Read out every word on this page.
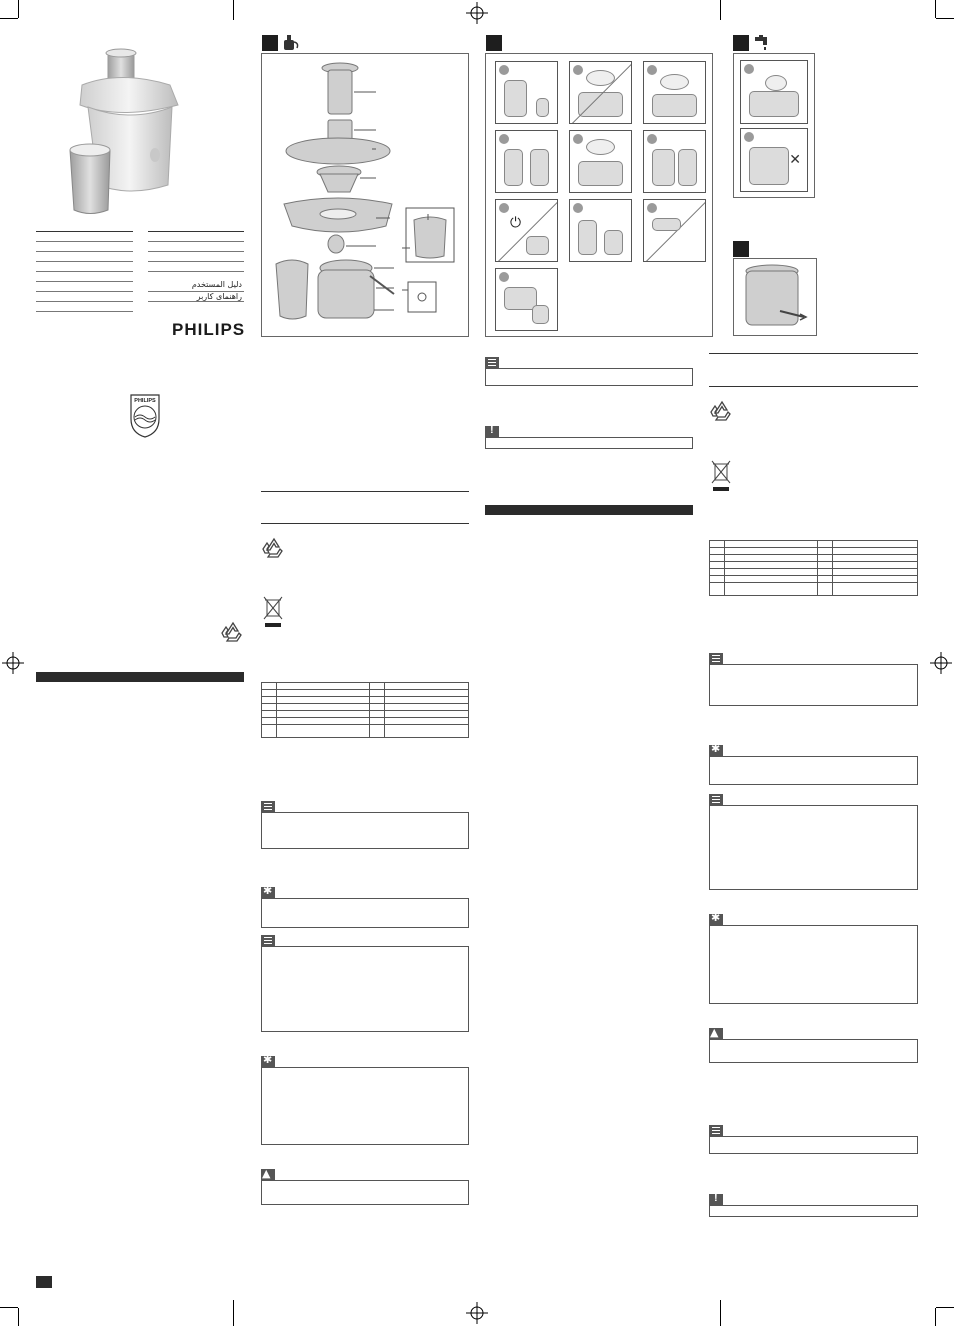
دليل المستخدم
راهنمای کاربر
PHILIPS
PHILIPS

✱
✱
▲
⏻
!
✕

✱
✱
▲
!
